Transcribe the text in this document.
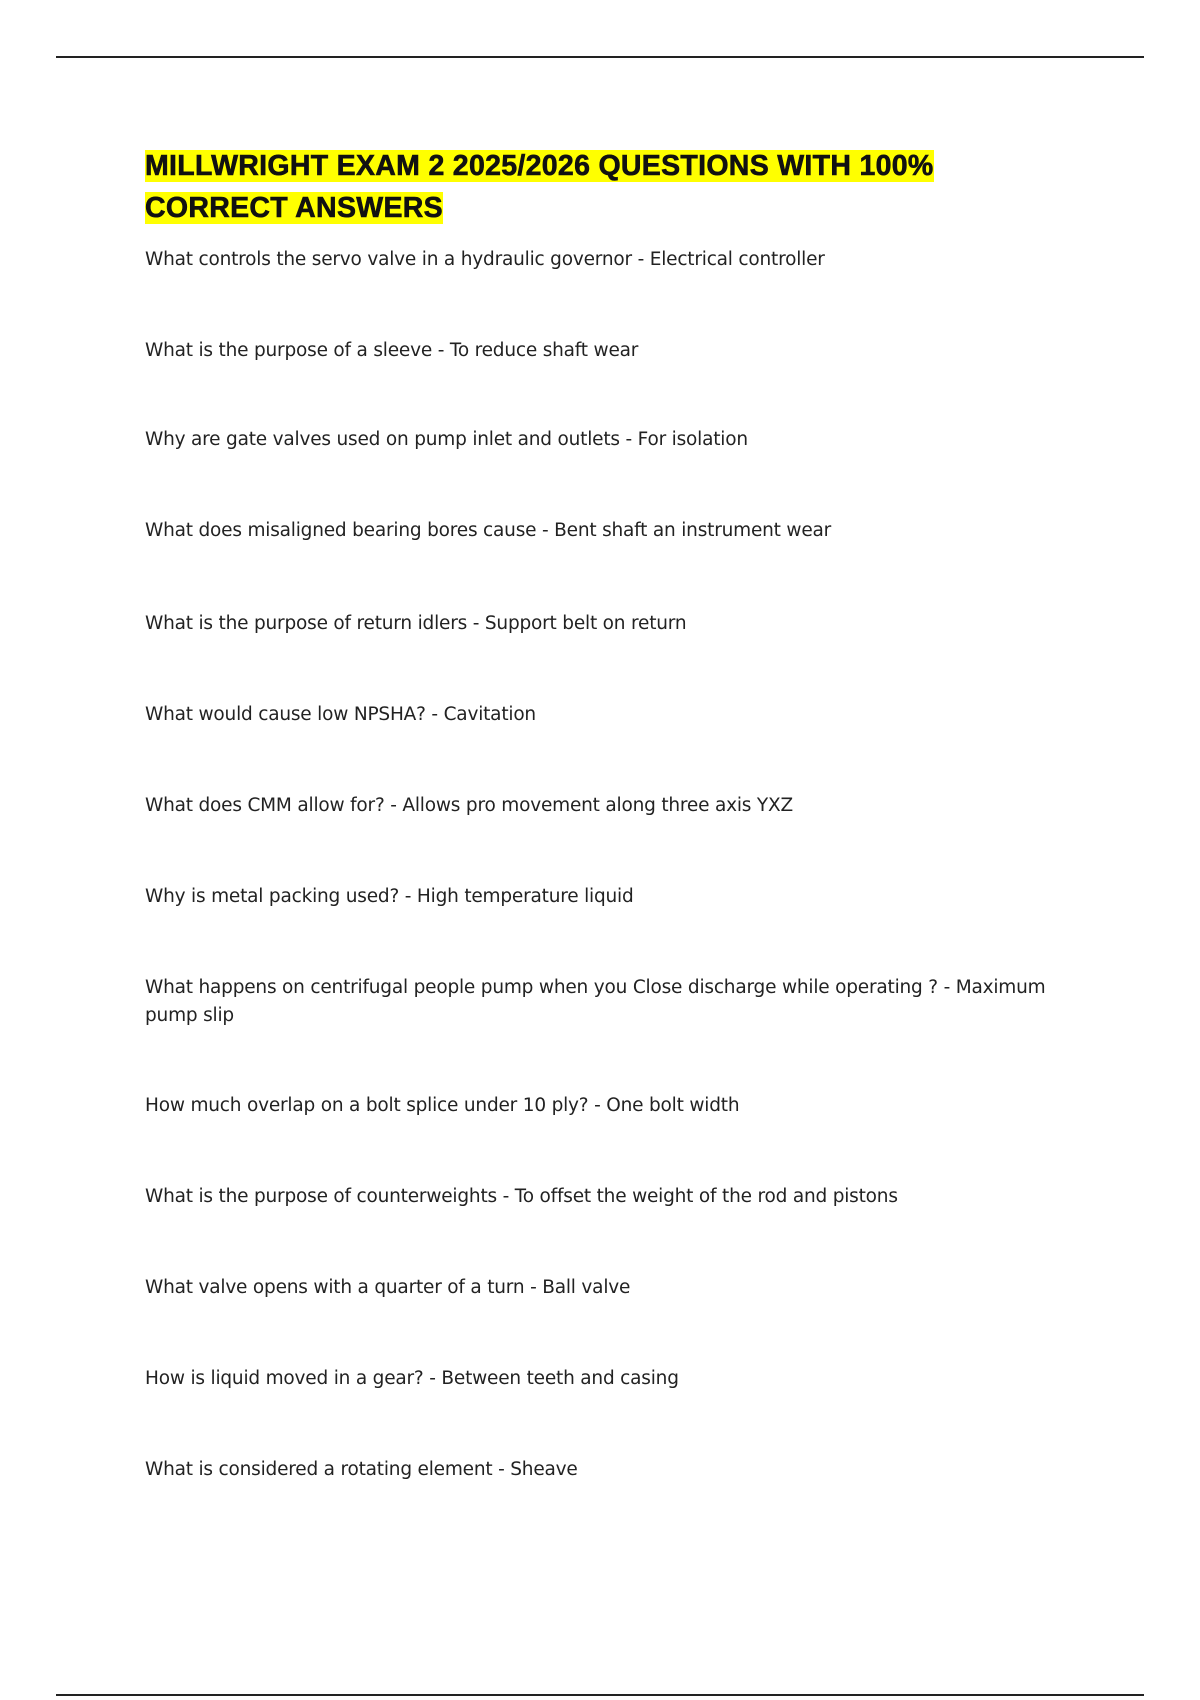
MILLWRIGHT EXAM 2 2025/2026 QUESTIONS WITH 100% CORRECT ANSWERS
What controls the servo valve in a hydraulic governor - Electrical controller
What is the purpose of a sleeve - To reduce shaft wear
Why are gate valves used on pump inlet and outlets - For isolation
What does misaligned bearing bores cause - Bent shaft an instrument wear
What is the purpose of return idlers - Support belt on return
What would cause low NPSHA? - Cavitation
What does CMM allow for? - Allows pro movement along three axis YXZ
Why is metal packing used? - High temperature liquid
What happens on centrifugal people pump when you Close discharge while operating ? - Maximum pump slip
How much overlap on a bolt splice under 10 ply? - One bolt width
What is the purpose of counterweights - To offset the weight of the rod and pistons
What valve opens with a quarter of a turn - Ball valve
How is liquid moved in a gear? - Between teeth and casing
What is considered a rotating element - Sheave
